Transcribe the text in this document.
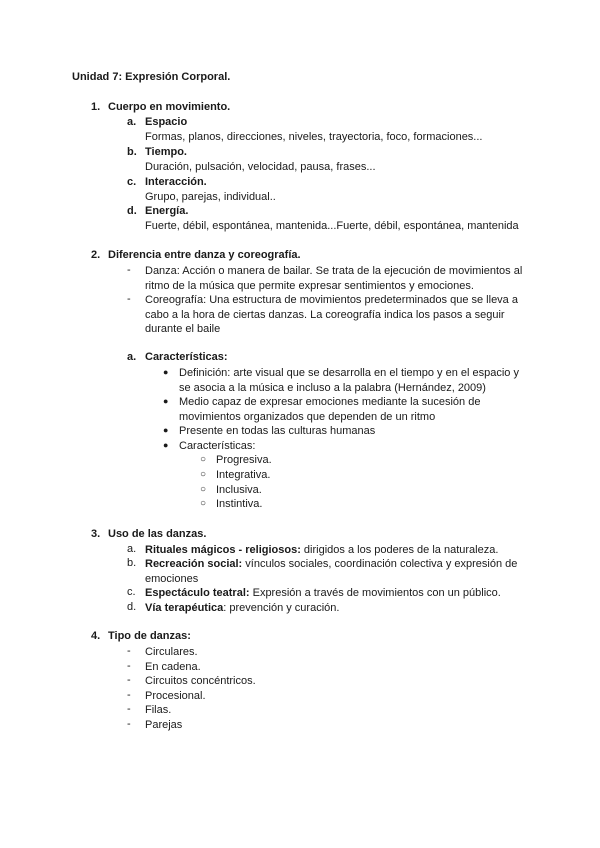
Unidad 7: Expresión Corporal.
1. Cuerpo en movimiento.
a. Espacio
Formas, planos, direcciones, niveles, trayectoria, foco, formaciones...
b. Tiempo.
Duración, pulsación, velocidad, pausa, frases...
c. Interacción.
Grupo, parejas, individual..
d. Energía.
Fuerte, débil, espontánea, mantenida...Fuerte, débil, espontánea, mantenida
2. Diferencia entre danza y coreografía.
- Danza: Acción o manera de bailar. Se trata de la ejecución de movimientos al ritmo de la música que permite expresar sentimientos y emociones.
- Coreografía: Una estructura de movimientos predeterminados que se lleva a cabo a la hora de ciertas danzas. La coreografía indica los pasos a seguir durante el baile
a. Características:
● Definición: arte visual que se desarrolla en el tiempo y en el espacio y se asocia a la música e incluso a la palabra (Hernández, 2009)
● Medio capaz de expresar emociones mediante la sucesión de movimientos organizados que dependen de un ritmo
● Presente en todas las culturas humanas
● Características:
○ Progresiva.
○ Integrativa.
○ Inclusiva.
○ Instintiva.
3. Uso de las danzas.
a. Rituales mágicos - religiosos: dirigidos a los poderes de la naturaleza.
b. Recreación social: vínculos sociales, coordinación colectiva y expresión de emociones
c. Espectáculo teatral: Expresión a través de movimientos con un público.
d. Vía terapéutica: prevención y curación.
4. Tipo de danzas:
- Circulares.
- En cadena.
- Circuitos concéntricos.
- Procesional.
- Filas.
- Parejas
